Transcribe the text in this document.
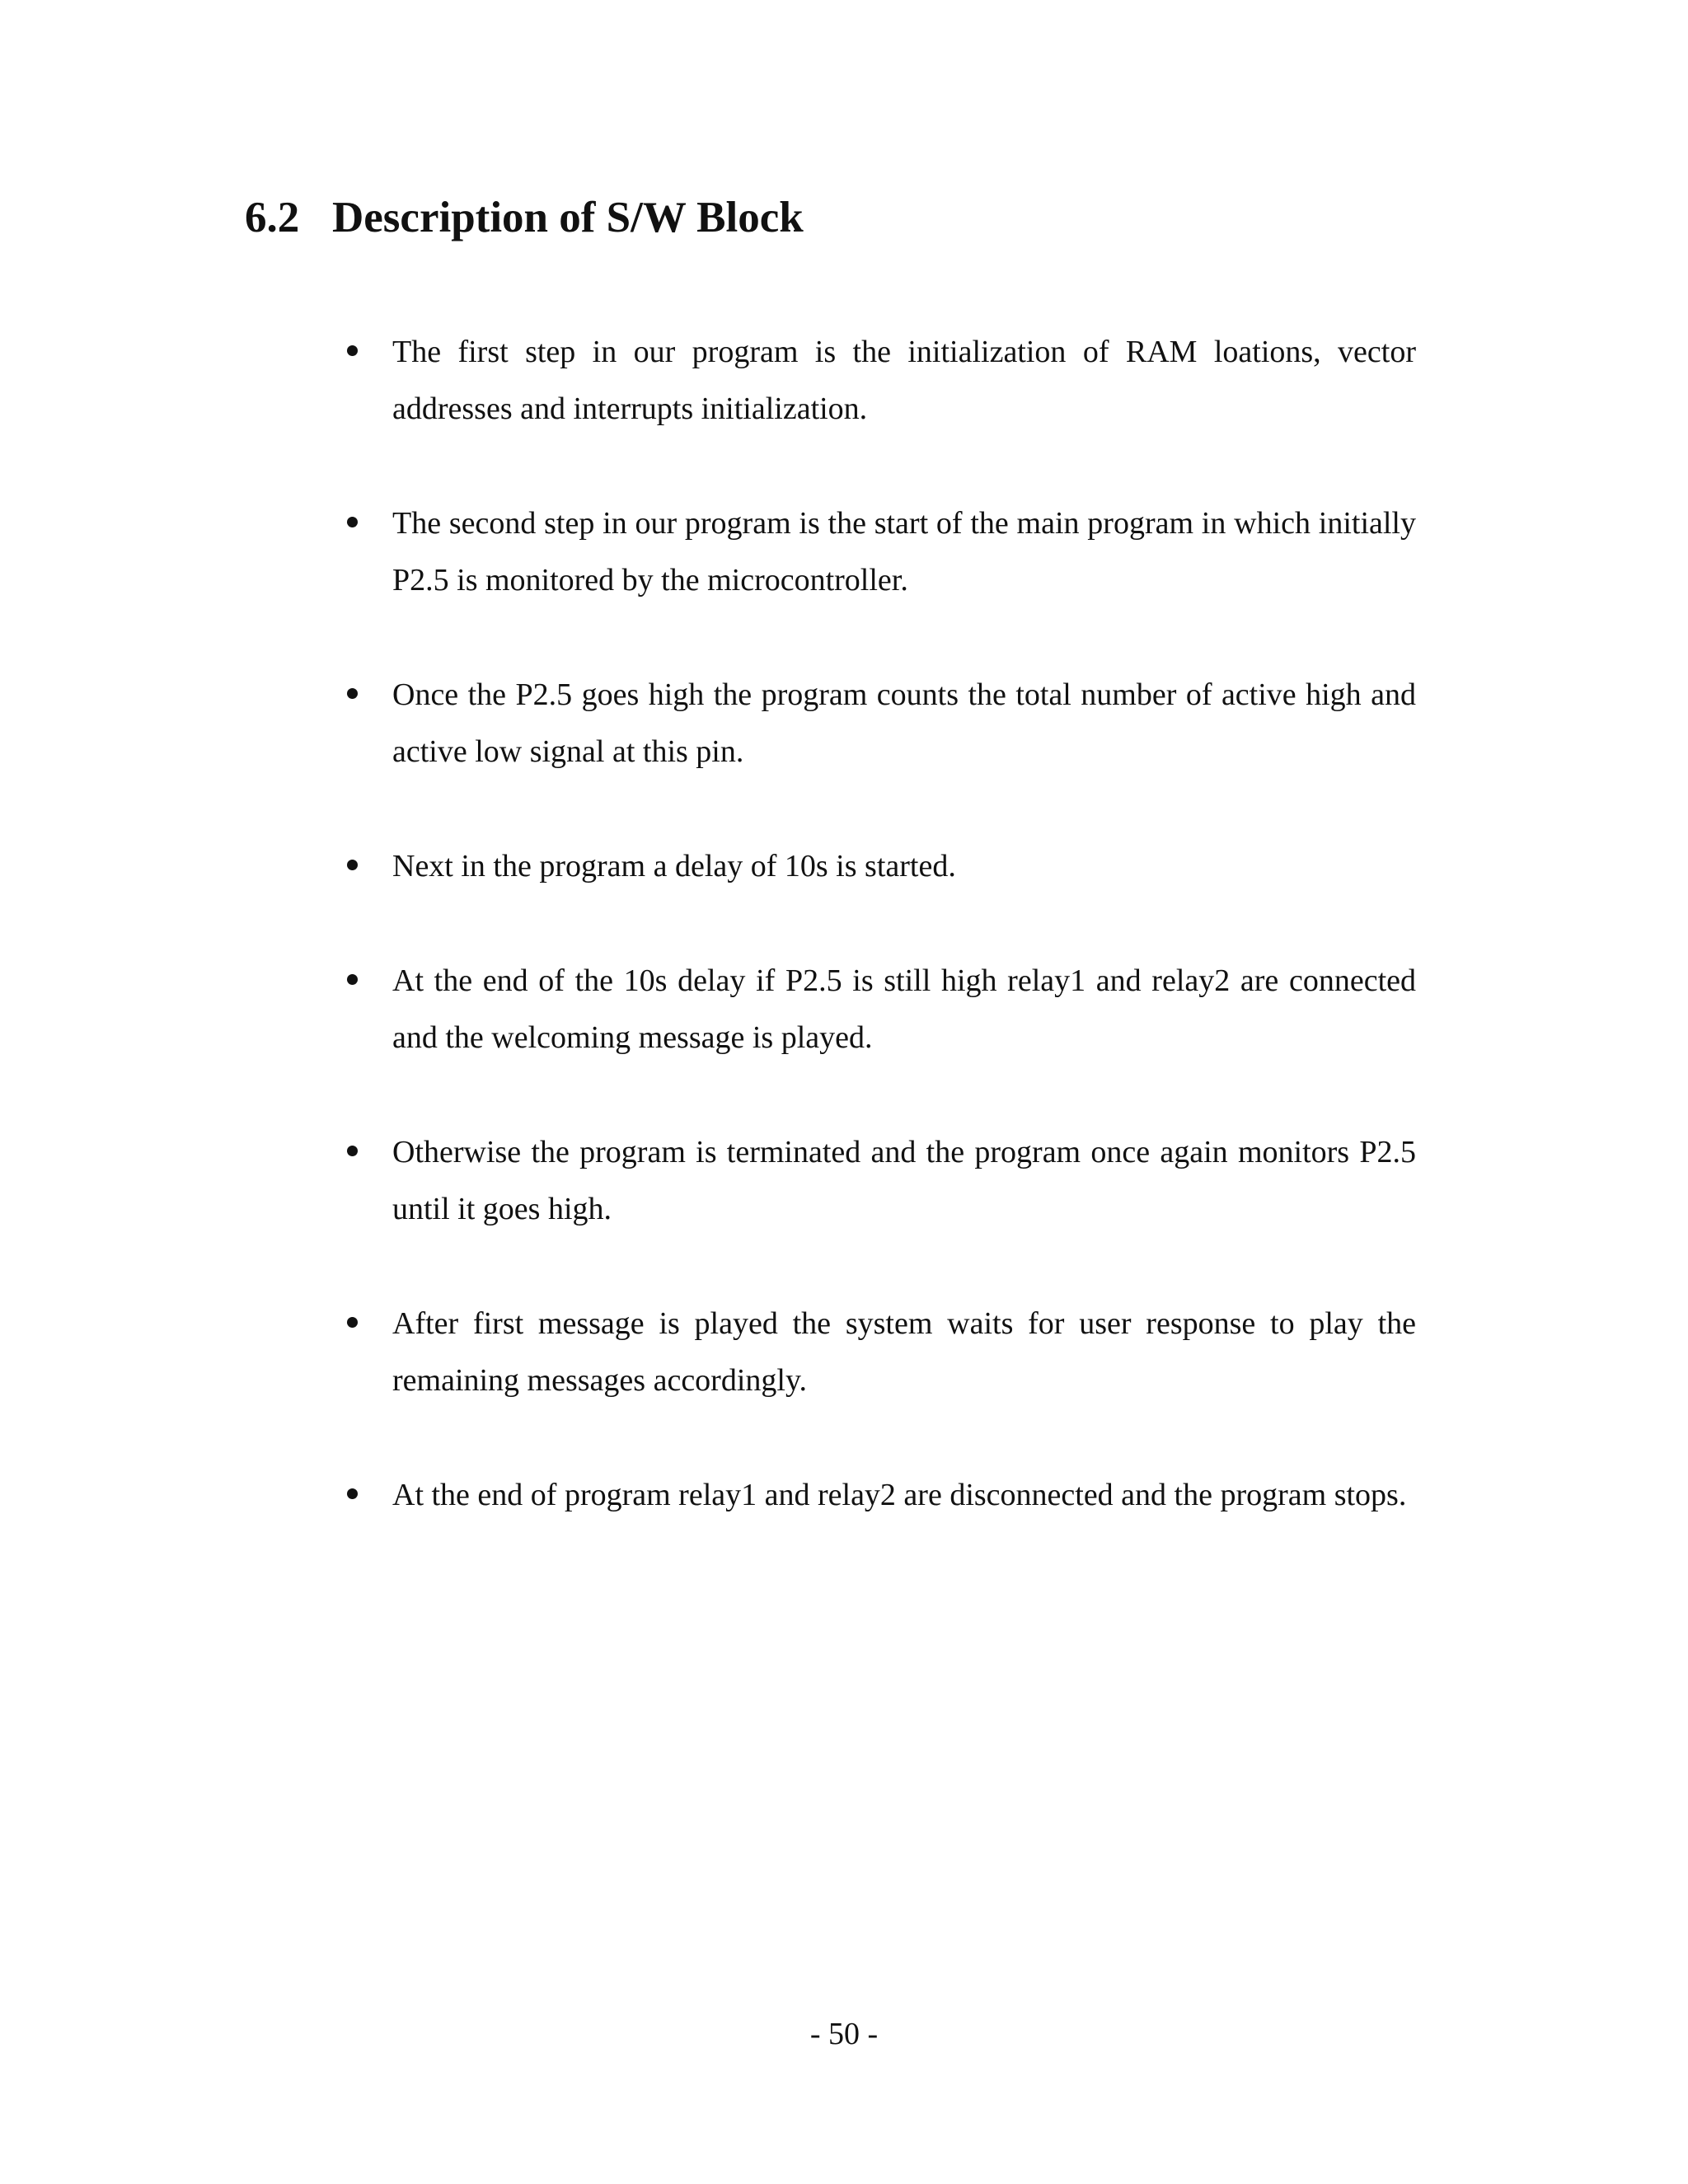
6.2 Description of S/W Block

The first step in our program is the initialization of RAM loations, vector addresses and interrupts initialization.

The second step in our program is the start of the main program in which initially P2.5 is monitored by the microcontroller.

Once the P2.5 goes high the program counts the total number of active high and active low signal at this pin.

Next in the program a delay of 10s is started.

At the end of the 10s delay if P2.5 is still high relay1 and relay2 are connected and the welcoming message is played.

Otherwise the program is terminated and the program once again monitors P2.5 until it goes high.

After first message is played the system waits for user response to play the remaining messages accordingly.

At the end of program relay1 and relay2 are disconnected and the program stops.

- 50 -
